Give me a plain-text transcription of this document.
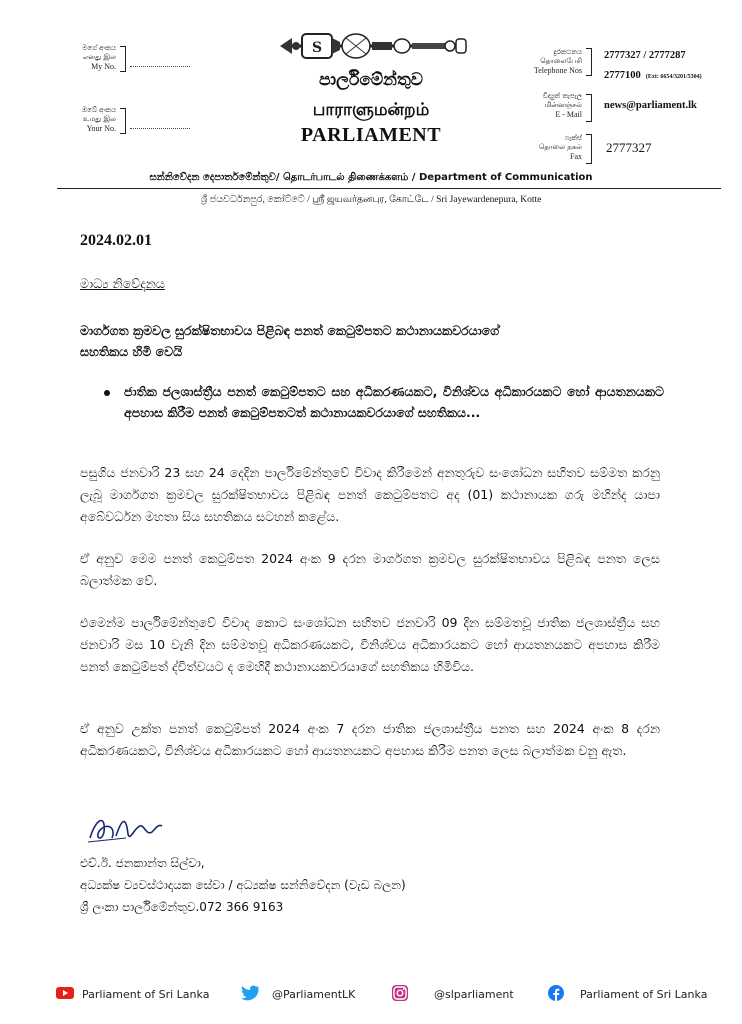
මගේ අංකය
எனது இல
My No.
ඔබේ අංකය
உமது இல
Your No.
S
පාර්ලිමේන්තුව
பாராளுமன்றம்
PARLIAMENT
දුරකථනය
தொலைபேசி
Telephone Nos
2777327 / 2777287
2777100 (Ext: 6654/3201/5304)
විද්‍යුත් තැපැල
மின்னஞ்சல்
E - Mail
news@parliament.lk
ෆැක්ස්
தொலை நகல்
Fax
2777327
සන්නිවේදන දෙපාර්තමේන්තුව/ தொடர்பாடல் திணைக்களம் / Department of Communication
ශ්‍රී ජයවර්ධනපුර, කෝට්ටේ / ஸ்ரீ ஜயவர்தனபுர, கோட்டே / Sri Jayewardenepura, Kotte
2024.02.01
මාධ්‍ය නිවේදනය
මාර්ගගත ක්‍රමවල සුරක්ෂිතභාවය පිළිබඳ පනත් කෙටුම්පතට කථානායකවරයාගේ
සහතිකය හිමි වෙයි
ජාතික ජලශාස්ත්‍රීය පනත් කෙටුම්පතට සහ අධිකරණයකට, විනිශ්චය අධිකාරයකට හෝ ආයතනයකට අපහාස කිරීම පනත් කෙටුම්පතටත් කථානායකවරයාගේ සහතිකය...
පසුගිය ජනවාරි 23 සහ 24 දෙදින පාර්ලිමේන්තුවේ විවාද කිරීමෙන් අනතුරුව සංශෝධන සහිතව සම්මත කරනු ලැබූ මාර්ගගත ක්‍රමවල සුරක්ෂිතභාවය පිළිබඳ පනත් කෙටුම්පතට අද (01) කථානායක ගරු මහින්ද යාපා අබේවර්ධන මහතා සිය සහතිකය සටහන් කළේය.
ඒ අනුව මෙම පනත් කෙටුම්පත 2024 අංක 9 දරන මාර්ගගත ක්‍රමවල සුරක්ෂිතභාවය පිළිබඳ පනත ලෙස බලාත්මක වේ.
එමෙන්ම පාර්ලිමේන්තුවේ විවාද කොට සංශෝධන සහිතව ජනවාරි 09 දින සම්මතවූ ජාතික ජලශාස්ත්‍රීය සහ ජනවාරි මස 10 වැනි දින සම්මතවූ අධිකරණයකට, විනිශ්චය අධිකාරයකට හෝ ආයතනයකට අපහාස කිරීම පනත් කෙටුම්පත් ද්විත්වයට ද මෙහිදී කථානායකවරයාගේ සහතිකය හිමිවිය.
ඒ අනුව උක්ත පනත් කෙටුම්පත් 2024 අංක 7 දරන ජාතික ජලශාස්ත්‍රීය පනත සහ 2024 අංක 8 දරන අධිකරණයකට, විනිශ්චය අධිකාරයකට හෝ ආයතනයකට අපහාස කිරීම පනත ලෙස බලාත්මක වනු ඇත.
එච්.ඊ. ජනකාන්ත සිල්වා,
අධ්‍යක්ෂ ව්‍යවස්ථාදායක සේවා / අධ්‍යක්ෂ සන්නිවේදන (වැඩ බලන)
ශ්‍රී ලංකා පාර්ලිමේන්තුව.072 366 9163
Parliament of Sri Lanka	@ParliamentLK	@slparliament	Parliament of Sri Lanka
